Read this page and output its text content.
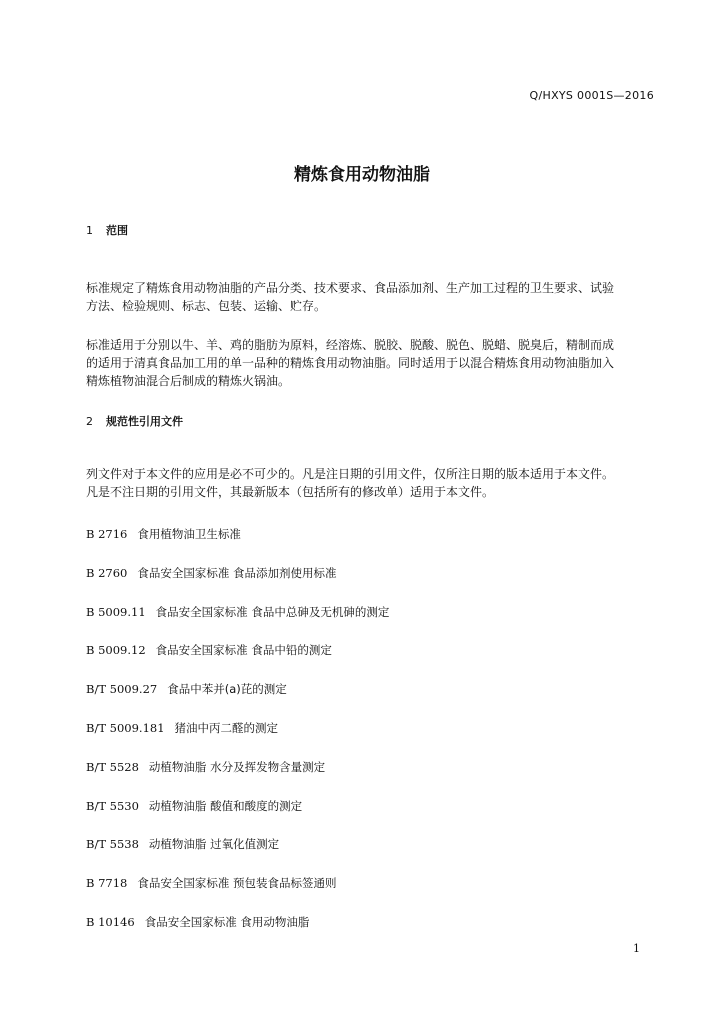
Q/HXYS 0001S—2016
精炼食用动物油脂
1 范围
标准规定了精炼食用动物油脂的产品分类、技术要求、食品添加剂、生产加工过程的卫生要求、试验
方法、检验规则、标志、包装、运输、贮存。
标准适用于分别以牛、羊、鸡的脂肪为原料，经溶炼、脱胶、脱酸、脱色、脱蜡、脱臭后，精制而成
的适用于清真食品加工用的单一品种的精炼食用动物油脂。同时适用于以混合精炼食用动物油脂加入
精炼植物油混合后制成的精炼火锅油。
2 规范性引用文件
列文件对于本文件的应用是必不可少的。凡是注日期的引用文件，仅所注日期的版本适用于本文件。
凡是不注日期的引用文件，其最新版本（包括所有的修改单）适用于本文件。
B 2716 食用植物油卫生标准
B 2760 食品安全国家标准 食品添加剂使用标准
B 5009.11 食品安全国家标准 食品中总砷及无机砷的测定
B 5009.12 食品安全国家标准 食品中铅的测定
B/T 5009.27 食品中苯并(a)芘的测定
B/T 5009.181 猪油中丙二醛的测定
B/T 5528 动植物油脂 水分及挥发物含量测定
B/T 5530 动植物油脂 酸值和酸度的测定
B/T 5538 动植物油脂 过氧化值测定
B 7718 食品安全国家标准 预包装食品标签通则
B 10146 食品安全国家标准 食用动物油脂
1
